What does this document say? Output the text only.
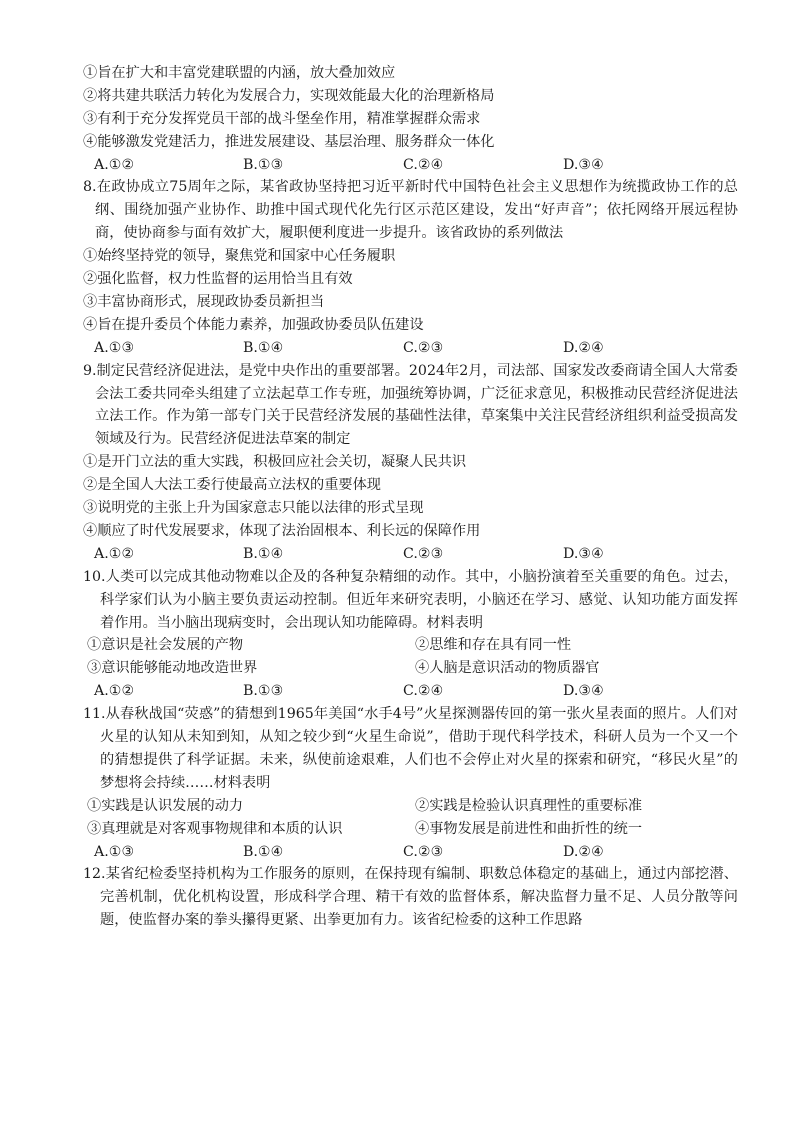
①旨在扩大和丰富党建联盟的内涵，放大叠加效应
②将共建共联活力转化为发展合力，实现效能最大化的治理新格局
③有利于充分发挥党员干部的战斗堡垒作用，精准掌握群众需求
④能够激发党建活力，推进发展建设、基层治理、服务群众一体化
A.①②	B.①③	C.②④	D.③④

8.在政协成立75周年之际，某省政协坚持把习近平新时代中国特色社会主义思想作为统揽政协工作的总纲、围绕加强产业协作、助推中国式现代化先行区示范区建设，发出“好声音”；依托网络开展远程协商，使协商参与面有效扩大，履职便利度进一步提升。该省政协的系列做法

①始终坚持党的领导，聚焦党和国家中心任务履职
②强化监督，权力性监督的运用恰当且有效
③丰富协商形式，展现政协委员新担当
④旨在提升委员个体能力素养，加强政协委员队伍建设
A.①③	B.①④	C.②③	D.②④

9.制定民营经济促进法，是党中央作出的重要部署。2024年2月，司法部、国家发改委商请全国人大常委会法工委共同牵头组建了立法起草工作专班，加强统筹协调，广泛征求意见，积极推动民营经济促进法立法工作。作为第一部专门关于民营经济发展的基础性法律，草案集中关注民营经济组织利益受损高发领域及行为。民营经济促进法草案的制定

①是开门立法的重大实践，积极回应社会关切，凝聚人民共识
②是全国人大法工委行使最高立法权的重要体现
③说明党的主张上升为国家意志只能以法律的形式呈现
④顺应了时代发展要求，体现了法治固根本、利长远的保障作用
A.①②	B.①④	C.②③	D.③④

10.人类可以完成其他动物难以企及的各种复杂精细的动作。其中，小脑扮演着至关重要的角色。过去，科学家们认为小脑主要负责运动控制。但近年来研究表明，小脑还在学习、感觉、认知功能方面发挥着作用。当小脑出现病变时，会出现认知功能障碍。材料表明

①意识是社会发展的产物	②思维和存在具有同一性
③意识能够能动地改造世界	④人脑是意识活动的物质器官
A.①②	B.①③	C.②④	D.③④

11.从春秋战国“荧惑”的猜想到1965年美国“水手4号”火星探测器传回的第一张火星表面的照片。人们对火星的认知从未知到知，从知之较少到“火星生命说”，借助于现代科学技术，科研人员为一个又一个的猜想提供了科学证据。未来，纵使前途艰难，人们也不会停止对火星的探索和研究，“移民火星”的梦想将会持续……材料表明

①实践是认识发展的动力	②实践是检验认识真理性的重要标准
③真理就是对客观事物规律和本质的认识	④事物发展是前进性和曲折性的统一
A.①③	B.①④	C.②③	D.②④

12.某省纪检委坚持机构为工作服务的原则，在保持现有编制、职数总体稳定的基础上，通过内部挖潜、完善机制，优化机构设置，形成科学合理、精干有效的监督体系，解决监督力量不足、人员分散等问题，使监督办案的拳头攥得更紧、出拳更加有力。该省纪检委的这种工作思路
